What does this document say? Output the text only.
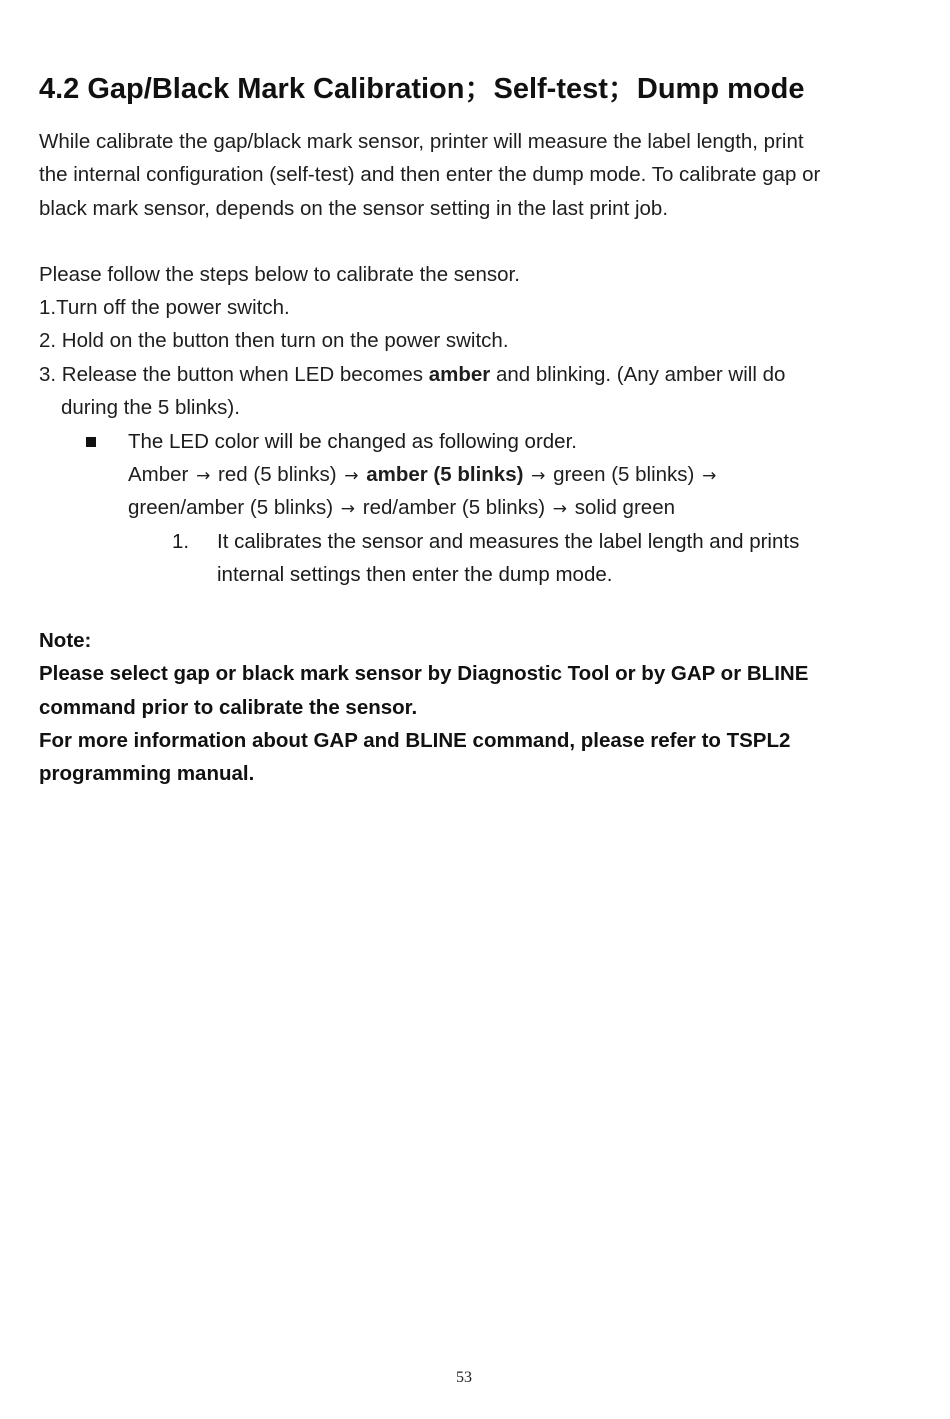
4.2 Gap/Black Mark Calibration；Self-test；Dump mode
While calibrate the gap/black mark sensor, printer will measure the label length, print
the internal configuration (self-test) and then enter the dump mode. To calibrate gap or
black mark sensor, depends on the sensor setting in the last print job.
Please follow the steps below to calibrate the sensor.
1.Turn off the power switch.
2. Hold on the button then turn on the power switch.
3. Release the button when LED becomes amber and blinking. (Any amber will do
during the 5 blinks).
The LED color will be changed as following order.
Amber → red (5 blinks) → amber (5 blinks) → green (5 blinks) →
green/amber (5 blinks) → red/amber (5 blinks) → solid green
1. It calibrates the sensor and measures the label length and prints
internal settings then enter the dump mode.
Note:
Please select gap or black mark sensor by Diagnostic Tool or by GAP or BLINE
command prior to calibrate the sensor.
For more information about GAP and BLINE command, please refer to TSPL2
programming manual.
53
